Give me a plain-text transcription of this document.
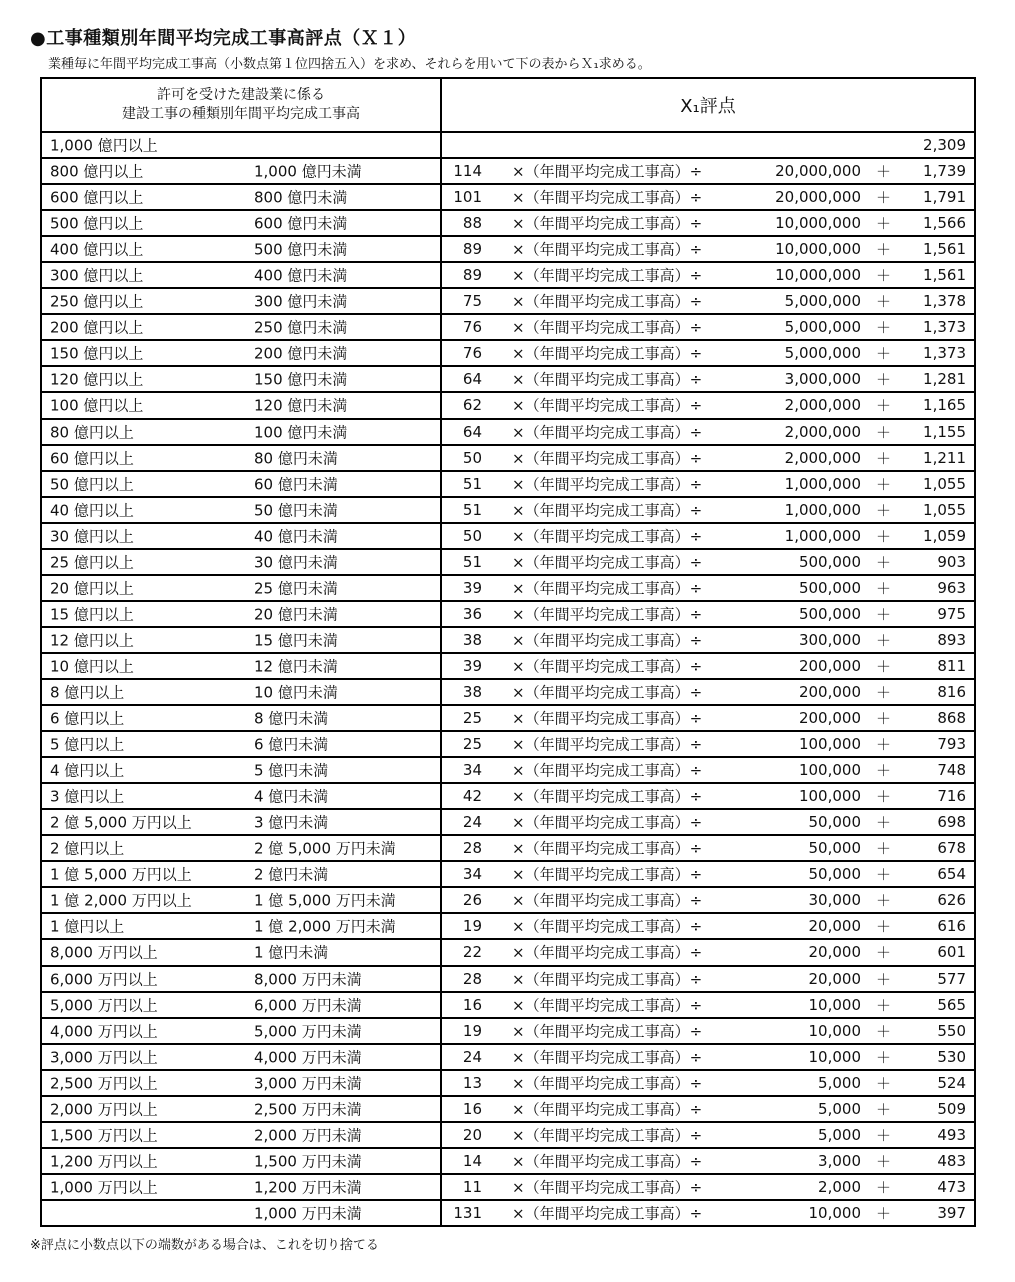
●工事種類別年間平均完成工事高評点（Ｘ１）
業種毎に年間平均完成工事高（小数点第１位四捨五入）を求め、それらを用いて下の表からＸ₁求める。
許可を受けた建設業に係る
建設工事の種類別年間平均完成工事高	X₁評点

1,000 億円以上	2,309

800 億円以上 1,000 億円未満	114 ×（年間平均完成工事高）÷ 20,000,000 ＋ 1,739

600 億円以上 800 億円未満	101 ×（年間平均完成工事高）÷ 20,000,000 ＋ 1,791

500 億円以上 600 億円未満	88 ×（年間平均完成工事高）÷ 10,000,000 ＋ 1,566

400 億円以上 500 億円未満	89 ×（年間平均完成工事高）÷ 10,000,000 ＋ 1,561

300 億円以上 400 億円未満	89 ×（年間平均完成工事高）÷ 10,000,000 ＋ 1,561

250 億円以上 300 億円未満	75 ×（年間平均完成工事高）÷ 5,000,000 ＋ 1,378

200 億円以上 250 億円未満	76 ×（年間平均完成工事高）÷ 5,000,000 ＋ 1,373

150 億円以上 200 億円未満	76 ×（年間平均完成工事高）÷ 5,000,000 ＋ 1,373

120 億円以上 150 億円未満	64 ×（年間平均完成工事高）÷ 3,000,000 ＋ 1,281

100 億円以上 120 億円未満	62 ×（年間平均完成工事高）÷ 2,000,000 ＋ 1,165

80 億円以上 100 億円未満	64 ×（年間平均完成工事高）÷ 2,000,000 ＋ 1,155

60 億円以上 80 億円未満	50 ×（年間平均完成工事高）÷ 2,000,000 ＋ 1,211

50 億円以上 60 億円未満	51 ×（年間平均完成工事高）÷ 1,000,000 ＋ 1,055

40 億円以上 50 億円未満	51 ×（年間平均完成工事高）÷ 1,000,000 ＋ 1,055

30 億円以上 40 億円未満	50 ×（年間平均完成工事高）÷ 1,000,000 ＋ 1,059

25 億円以上 30 億円未満	51 ×（年間平均完成工事高）÷ 500,000 ＋ 903

20 億円以上 25 億円未満	39 ×（年間平均完成工事高）÷ 500,000 ＋ 963

15 億円以上 20 億円未満	36 ×（年間平均完成工事高）÷ 500,000 ＋ 975

12 億円以上 15 億円未満	38 ×（年間平均完成工事高）÷ 300,000 ＋ 893

10 億円以上 12 億円未満	39 ×（年間平均完成工事高）÷ 200,000 ＋ 811

8 億円以上 10 億円未満	38 ×（年間平均完成工事高）÷ 200,000 ＋ 816

6 億円以上 8 億円未満	25 ×（年間平均完成工事高）÷ 200,000 ＋ 868

5 億円以上 6 億円未満	25 ×（年間平均完成工事高）÷ 100,000 ＋ 793

4 億円以上 5 億円未満	34 ×（年間平均完成工事高）÷ 100,000 ＋ 748

3 億円以上 4 億円未満	42 ×（年間平均完成工事高）÷ 100,000 ＋ 716

2 億 5,000 万円以上 3 億円未満	24 ×（年間平均完成工事高）÷ 50,000 ＋ 698

2 億円以上 2 億 5,000 万円未満	28 ×（年間平均完成工事高）÷ 50,000 ＋ 678

1 億 5,000 万円以上 2 億円未満	34 ×（年間平均完成工事高）÷ 50,000 ＋ 654

1 億 2,000 万円以上 1 億 5,000 万円未満	26 ×（年間平均完成工事高）÷ 30,000 ＋ 626

1 億円以上 1 億 2,000 万円未満	19 ×（年間平均完成工事高）÷ 20,000 ＋ 616

8,000 万円以上 1 億円未満	22 ×（年間平均完成工事高）÷ 20,000 ＋ 601

6,000 万円以上 8,000 万円未満	28 ×（年間平均完成工事高）÷ 20,000 ＋ 577

5,000 万円以上 6,000 万円未満	16 ×（年間平均完成工事高）÷ 10,000 ＋ 565

4,000 万円以上 5,000 万円未満	19 ×（年間平均完成工事高）÷ 10,000 ＋ 550

3,000 万円以上 4,000 万円未満	24 ×（年間平均完成工事高）÷ 10,000 ＋ 530

2,500 万円以上 3,000 万円未満	13 ×（年間平均完成工事高）÷ 5,000 ＋ 524

2,000 万円以上 2,500 万円未満	16 ×（年間平均完成工事高）÷ 5,000 ＋ 509

1,500 万円以上 2,000 万円未満	20 ×（年間平均完成工事高）÷ 5,000 ＋ 493

1,200 万円以上 1,500 万円未満	14 ×（年間平均完成工事高）÷ 3,000 ＋ 483

1,000 万円以上 1,200 万円未満	11 ×（年間平均完成工事高）÷ 2,000 ＋ 473

1,000 万円未満	131 ×（年間平均完成工事高）÷ 10,000 ＋ 397
※評点に小数点以下の端数がある場合は、これを切り捨てる
